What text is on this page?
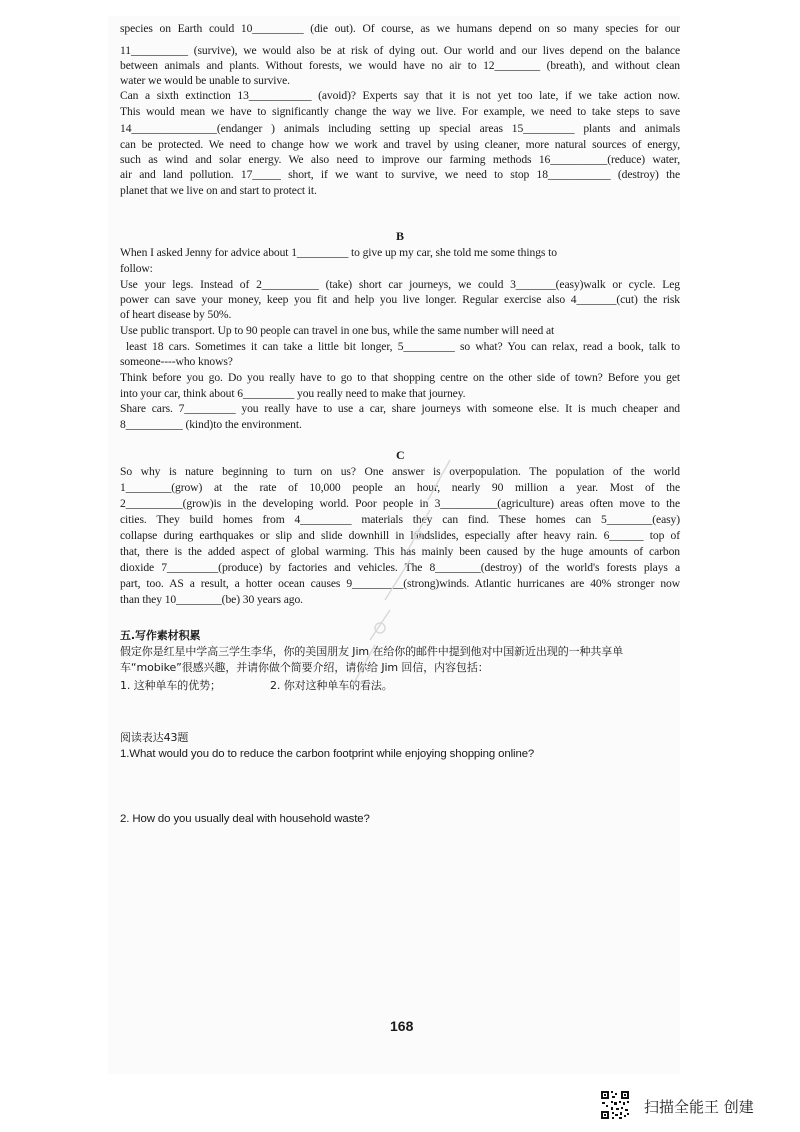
species on Earth could 10_________ (die out). Of course, as we humans depend on so many species for our
11__________ (survive), we would also be at risk of dying out. Our world and our lives depend on the balance
between animals and plants. Without forests, we would have no air to 12________ (breath), and without clean
water we would be unable to survive.
Can a sixth extinction 13___________ (avoid)? Experts say that it is not yet too late, if we take action now.
This would mean we have to significantly change the way we live. For example, we need to take steps to save
14_______________(endanger ) animals including setting up special areas 15_________ plants and animals
can be protected. We need to change how we work and travel by using cleaner, more natural sources of energy,
such as wind and solar energy. We also need to improve our farming methods 16__________(reduce) water,
air and land pollution. 17_____ short, if we want to survive, we need to stop 18___________ (destroy) the
planet that we live on and start to protect it.
B
When I asked Jenny for advice about 1_________ to give up my car, she told me some things to
follow:
Use your legs. Instead of 2__________ (take) short car journeys, we could 3_______(easy)walk or cycle. Leg
power can save your money, keep you fit and help you live longer. Regular exercise also 4_______(cut) the risk
of heart disease by 50%.
Use public transport. Up to 90 people can travel in one bus, while the same number will need at
least 18 cars. Sometimes it can take a little bit longer, 5_________ so what? You can relax, read a book, talk to
someone----who knows?
Think before you go. Do you really have to go to that shopping centre on the other side of town? Before you get
into your car, think about 6_________ you really need to make that journey.
Share cars. 7_________ you really have to use a car, share journeys with someone else. It is much cheaper and
8__________ (kind)to the environment.
C
So why is nature beginning to turn on us? One answer is overpopulation. The population of the world
1________(grow) at the rate of 10,000 people an hour, nearly 90 million a year. Most of the
2__________(grow)is in the developing world. Poor people in 3__________(agriculture) areas often move to the
cities. They build homes from 4_________ materials they can find. These homes can 5________(easy)
collapse during earthquakes or slip and slide downhill in landslides, especially after heavy rain. 6______ top of
that, there is the added aspect of global warming. This has mainly been caused by the huge amounts of carbon
dioxide 7_________(produce) by factories and vehicles. The 8________(destroy) of the world's forests plays a
part, too. AS a result, a hotter ocean causes 9_________(strong)winds. Atlantic hurricanes are 40% stronger now
than they 10________(be) 30 years ago.
五.写作素材积累
假定你是红星中学高三学生李华，你的美国朋友 Jim 在给你的邮件中提到他对中国新近出现的一种共享单
车“mobike”很感兴趣，并请你做个简要介绍，请你给 Jim 回信，内容包括：
1. 这种单车的优势；	2. 你对这种单车的看法。
阅读表达43题
1.What would you do to reduce the carbon footprint while enjoying shopping online?
2. How do you usually deal with household waste?
168
扫描全能王 创建
